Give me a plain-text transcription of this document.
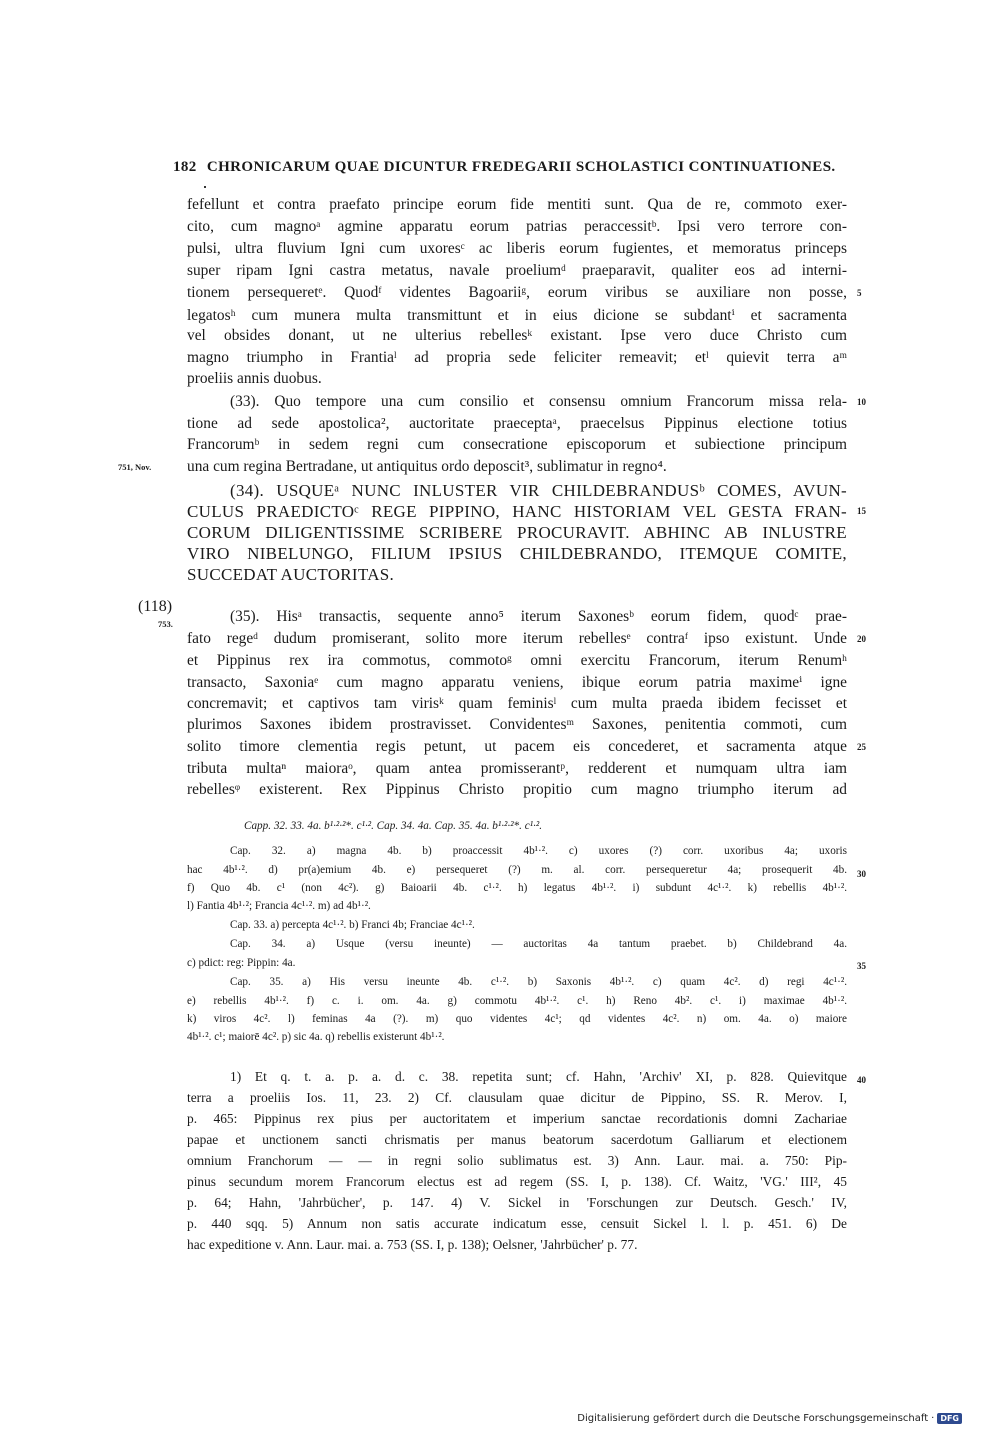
182 CHRONICARUM QUAE DICUNTUR FREDEGARII SCHOLASTICI CONTINUATIONES.
fefellunt et contra praefato principe eorum fide mentiti sunt. Qua de re, commoto exer-
cito, cum magnoᵃ agmine apparatu eorum patrias peraccessitᵇ. Ipsi vero terrore con-
pulsi, ultra fluvium Igni cum uxoresᶜ ac liberis eorum fugientes, et memoratus princeps
super ripam Igni castra metatus, navale proeliumᵈ praeparavit, qualiter eos ad interni-
tionem persequeretᵉ. Quodᶠ videntes Bagoariiᵍ, eorum viribus se auxiliare non posse,
legatosʰ cum munera multa transmittunt et in eius dicione se subdantⁱ et sacramenta
vel obsides donant, ut ne ulterius rebellesᵏ existant. Ipse vero duce Christo cum
magno triumpho in Frantiaˡ ad propria sede feliciter remeavit; etˡ quievit terra aᵐ
proeliis annis duobus.
(33). Quo tempore una cum consilio et consensu omnium Francorum missa rela-
tione ad sede apostolica², auctoritate praeceptaᵃ, praecelsus Pippinus electione totius
Francorumᵇ in sedem regni cum consecratione episcoporum et subiectione principum
una cum regina Bertradane, ut antiquitus ordo deposcit³, sublimatur in regno⁴.
(34). USQUEᵃ NUNC INLUSTER VIR CHILDEBRANDUSᵇ COMES, AVUN-
CULUS PRAEDICTOᶜ REGE PIPPINO, HANC HISTORIAM VEL GESTA FRAN-
CORUM DILIGENTISSIME SCRIBERE PROCURAVIT. ABHINC AB INLUSTRE
VIRO NIBELUNGO, FILIUM IPSIUS CHILDEBRANDO, ITEMQUE COMITE,
SUCCEDAT AUCTORITAS.
(35). Hisᵃ transactis, sequente anno⁵ iterum Saxonesᵇ eorum fidem, quodᶜ prae-
fato regeᵈ dudum promiserant, solito more iterum rebellesᵉ contraᶠ ipso existunt. Unde
et Pippinus rex ira commotus, commotoᵍ omni exercitu Francorum, iterum Renumʰ
transacto, Saxoniaᵉ cum magno apparatu veniens, ibique eorum patria maximeⁱ igne
concremavit; et captivos tam virisᵏ quam feminisˡ cum multa praeda ibidem fecisset et
plurimos Saxones ibidem prostravisset. Convidentesᵐ Saxones, penitentia commoti, cum
solito timore clementia regis petunt, ut pacem eis concederet, et sacramenta atque
tributa multaⁿ maioraᵒ, quam antea promisserantᵖ, redderent et numquam ultra iam
rebellesᵠ existerent. Rex Pippinus Christo propitio cum magno triumpho iterum ad
5
10
15
20
25
30
35
40
751, Nov.
(118)
753.
Capp. 32. 33. 4a. b¹·²·²*. c¹·². Cap. 34. 4a. Cap. 35. 4a. b¹·²·²*. c¹·².
Cap. 32. a) magna 4b. b) proaccessit 4b¹·². c) uxores (?) corr. uxoribus 4a; uxoris
hac 4b¹·². d) pr(a)emium 4b. e) persequeret (?) m. al. corr. persequeretur 4a; prosequerit 4b.
f) Quo 4b. c¹ (non 4c²). g) Baioarii 4b. c¹·². h) legatus 4b¹·². i) subdunt 4c¹·². k) rebellis 4b¹·².
l) Fantia 4b¹·²; Francia 4c¹·². m) ad 4b¹·².
Cap. 33. a) percepta 4c¹·². b) Franci 4b; Franciae 4c¹·².
Cap. 34. a) Usque (versu ineunte) — auctoritas 4a tantum praebet. b) Childebrand 4a.
c) pdict: reg: Pippin: 4a.
Cap. 35. a) His versu ineunte 4b. c¹·². b) Saxonis 4b¹·². c) quam 4c². d) regi 4c¹·².
e) rebellis 4b¹·². f) c. i. om. 4a. g) commotu 4b¹·². c¹. h) Reno 4b². c¹. i) maximae 4b¹·².
k) viros 4c². l) feminas 4a (?). m) quo videntes 4c¹; qd videntes 4c². n) om. 4a. o) maiore
4b¹·². c¹; maiorē 4c². p) sic 4a. q) rebellis existerunt 4b¹·².
1) Et q. t. a. p. a. d. c. 38. repetita sunt; cf. Hahn, 'Archiv' XI, p. 828. Quievitque
terra a proeliis Ios. 11, 23. 2) Cf. clausulam quae dicitur de Pippino, SS. R. Merov. I,
p. 465: Pippinus rex pius per auctoritatem et imperium sanctae recordationis domni Zachariae
papae et unctionem sancti chrismatis per manus beatorum sacerdotum Galliarum et electionem
omnium Franchorum — — in regni solio sublimatus est. 3) Ann. Laur. mai. a. 750: Pip-
pinus secundum morem Francorum electus est ad regem (SS. I, p. 138). Cf. Waitz, 'VG.' III², 45
p. 64; Hahn, 'Jahrbücher', p. 147. 4) V. Sickel in 'Forschungen zur Deutsch. Gesch.' IV,
p. 440 sqq. 5) Annum non satis accurate indicatum esse, censuit Sickel l. l. p. 451. 6) De
hac expeditione v. Ann. Laur. mai. a. 753 (SS. I, p. 138); Oelsner, 'Jahrbücher' p. 77.
Digitalisierung gefördert durch die Deutsche Forschungsgemeinschaft · DFG
